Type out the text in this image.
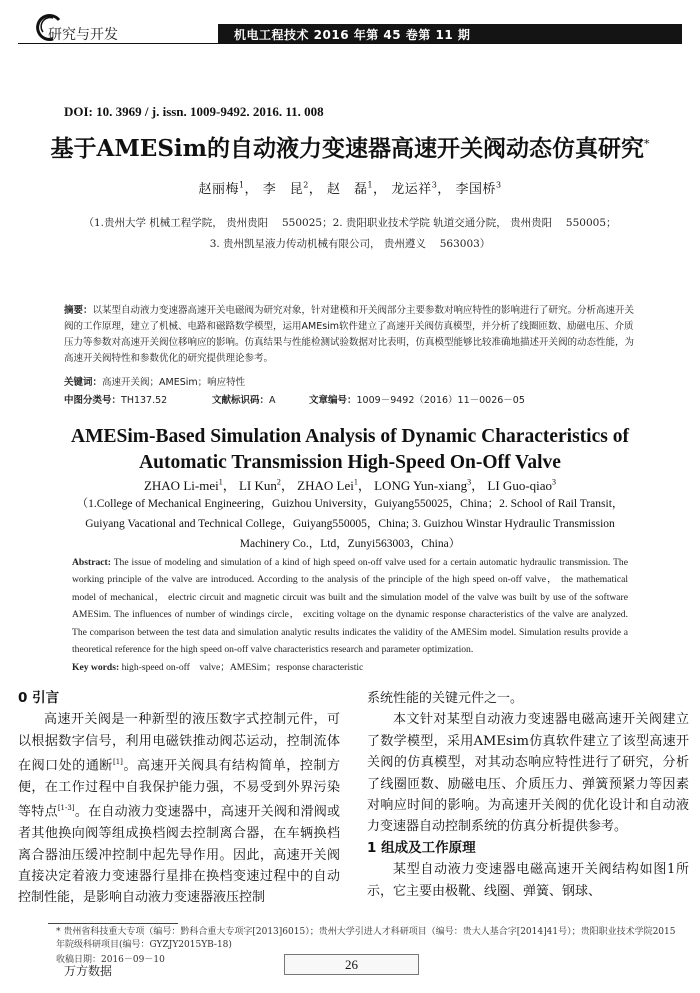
研究与开发	机电工程技术 2016 年第 45 卷第 11 期
DOI: 10. 3969 / j. issn. 1009-9492. 2016. 11. 008
基于AMESim的自动液力变速器高速开关阀动态仿真研究*
赵丽梅$^1$， 李　昆$^2$， 赵　磊$^1$， 龙运祥$^3$， 李国桥$^3$
（1.贵州大学 机械工程学院， 贵州贵阳　 550025；2. 贵阳职业技术学院 轨道交通分院， 贵州贵阳　 550005；
3. 贵州凯星液力传动机械有限公司， 贵州遵义　 563003）
摘要：以某型自动液力变速器高速开关电磁阀为研究对象，针对建模和开关阀部分主要参数对响应特性的影响进行了研究。分析高速开关阀的工作原理，建立了机械、电路和磁路数学模型，运用AMEsim软件建立了高速开关阀仿真模型，并分析了线圈匝数、励磁电压、介质压力等参数对高速开关阀位移响应的影响。仿真结果与性能检测试验数据对比表明，仿真模型能够比较准确地描述开关阀的动态性能，为高速开关阀特性和参数优化的研究提供理论参考。
关键词：高速开关阀；AMESim；响应特性
中图分类号：TH137.52	文献标识码：A	文章编号：1009－9492（2016）11－0026－05
AMESim-Based Simulation Analysis of Dynamic Characteristics of
Automatic Transmission High-Speed On-Off Valve
ZHAO Li-mei$^1$， LI Kun$^2$， ZHAO Lei$^1$， LONG Yun-xiang$^3$， LI Guo-qiao$^3$
（1.College of Mechanical Engineering，Guizhou University，Guiyang550025，China；2. School of Rail Transit，
Guiyang Vacational and Technical College，Guiyang550005，China; 3. Guizhou Winstar Hydraulic Transmission
Machinery Co.，Ltd，Zunyi563003，China）
Abstract: The issue of modeling and simulation of a kind of high speed on-off valve used for a certain automatic hydraulic transmission. The working principle of the valve are introduced. According to the analysis of the principle of the high speed on-off valve， the mathematical model of mechanical， electric circuit and magnetic circuit was built and the simulation model of the valve was built by use of the software AMESim. The influences of number of windings circle， exciting voltage on the dynamic response characteristics of the valve are analyzed. The comparison between the test data and simulation analytic results indicates the validity of the AMESim model. Simulation results provide a theoretical reference for the high speed on-off valve characteristics research and parameter optimization.
Key words: high-speed on-off　valve；AMESim；response characteristic
0 引言

高速开关阀是一种新型的液压数字式控制元件，可以根据数字信号，利用电磁铁推动阀芯运动，控制流体在阀口处的通断[1]。高速开关阀具有结构简单，控制方便，在工作过程中自我保护能力强，不易受到外界污染等特点[1-3]。在自动液力变速器中，高速开关阀和滑阀或者其他换向阀等组成换档阀去控制离合器，在车辆换档离合器油压缓冲控制中起先导作用。因此，高速开关阀直接决定着液力变速器行星排在换档变速过程中的自动控制性能，是影响自动液力变速器液压控制

系统性能的关键元件之一。

本文针对某型自动液力变速器电磁高速开关阀建立了数学模型，采用AMEsim仿真软件建立了该型高速开关阀的仿真模型，对其动态响应特性进行了研究，分析了线圈匝数、励磁电压、介质压力、弹簧预紧力等因素对响应时间的影响。为高速开关阀的优化设计和自动液力变速器自动控制系统的仿真分析提供参考。

1 组成及工作原理

某型自动液力变速器电磁高速开关阀结构如图1所示，它主要由极靴、线圈、弹簧、钢球、

* 贵州省科技重大专项（编号：黔科合重大专项字[2013]6015）；贵州大学引进人才科研项目（编号：贵大人基合字[2014]41号）；贵阳职业技术学院2015年院级科研项目(编号：GYZJY2015YB-18)
收稿日期：2016－09－10
万方数据	26
